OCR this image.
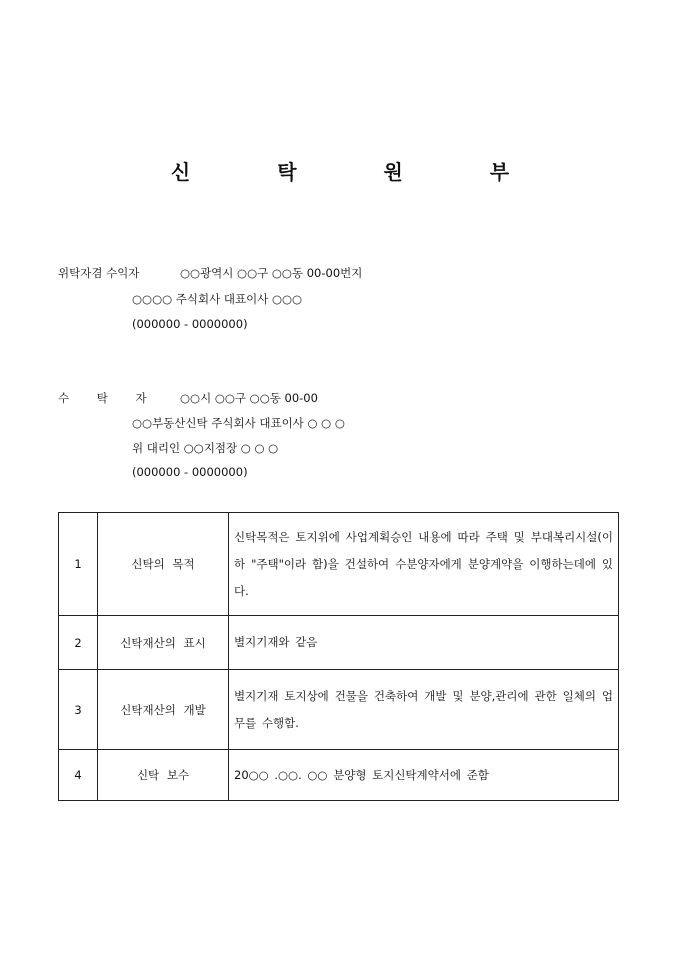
신 탁 원 부
위탁자겸 수익자	○○광역시 ○○구 ○○동 00-00번지
○○○○ 주식회사 대표이사 ○○○
(000000 - 0000000)
수 탁 자 ○○시 ○○구 ○○동 00-00
○○부동산신탁 주식회사 대표이사 ○ ○ ○
위 대리인 ○○지점장 ○ ○ ○
(000000 - 0000000)
1	신탁의 목적	신탁목적은 토지위에 사업계획승인 내용에 따라 주택 및 부대복리시설(이하 "주택"이라 함)을 건설하여 수분양자에게 분양계약을 이행하는데에 있다.
2	신탁재산의 표시	별지기재와 같음
3	신탁재산의 개발	별지기재 토지상에 건물을 건축하여 개발 및 분양,관리에 관한 일체의 업무를 수행함.
4	신탁 보수	20○○ .○○. ○○ 분양형 토지신탁계약서에 준함
